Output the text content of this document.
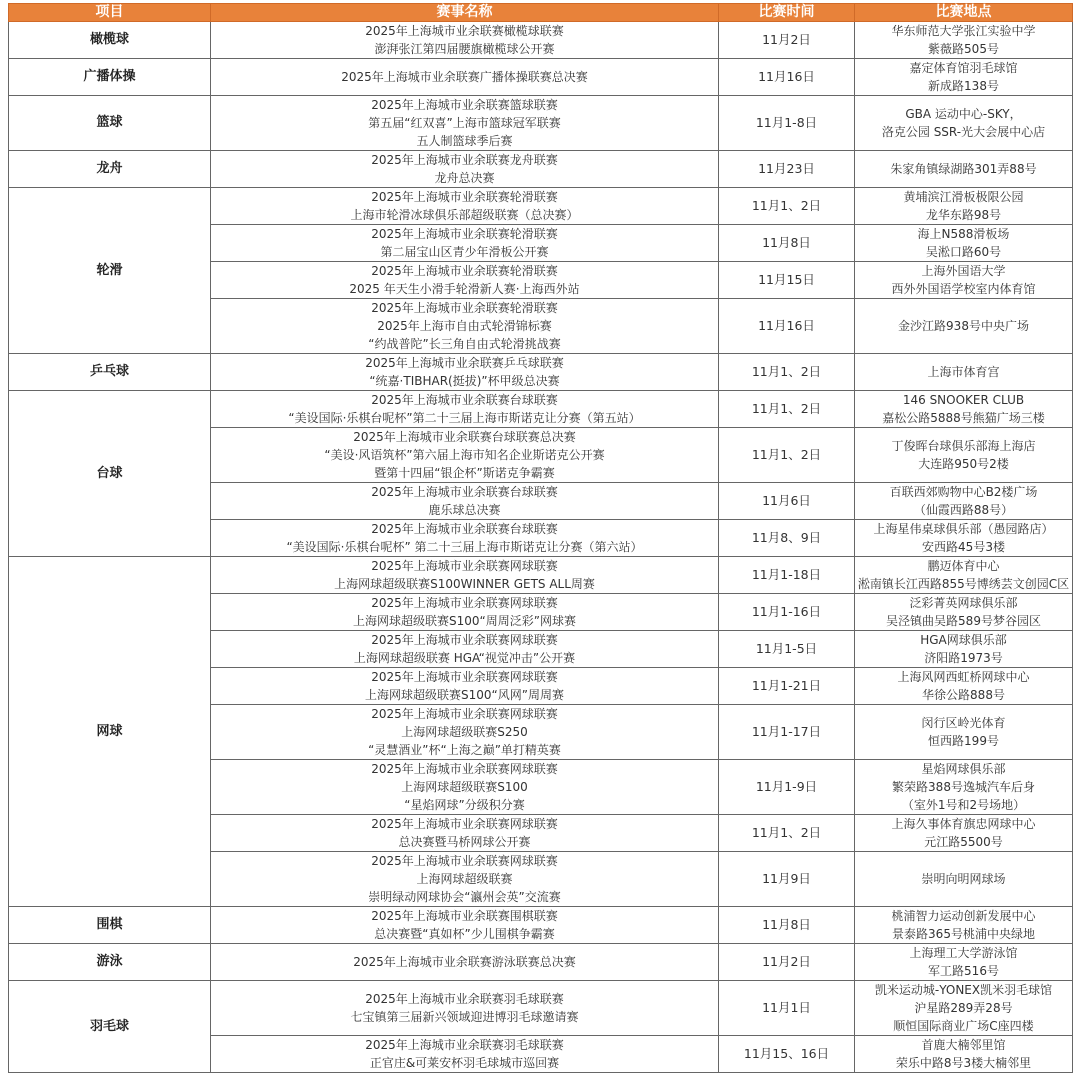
项目	赛事名称	比赛时间	比赛地点
橄榄球	2025年上海城市业余联赛橄榄球联赛
澎湃张江第四届腰旗橄榄球公开赛	11月2日	华东师范大学张江实验中学
紫薇路505号

广播体操	2025年上海城市业余联赛广播体操联赛总决赛	11月16日	嘉定体育馆羽毛球馆
新成路138号

篮球	2025年上海城市业余联赛篮球联赛
第五届“红双喜”上海市篮球冠军联赛
五人制篮球季后赛	11月1-8日	GBA 运动中心-SKY，
洛克公园 SSR-光大会展中心店

龙舟	2025年上海城市业余联赛龙舟联赛
龙舟总决赛	11月23日	朱家角镇绿湖路301弄88号

轮滑	2025年上海城市业余联赛轮滑联赛
上海市轮滑冰球俱乐部超级联赛（总决赛）	11月1、2日	黄埔滨江滑板极限公园
龙华东路98号

	2025年上海城市业余联赛轮滑联赛
第二届宝山区青少年滑板公开赛	11月8日	海上N588滑板场
吴淞口路60号

	2025年上海城市业余联赛轮滑联赛
2025 年天生小滑手轮滑新人赛·上海西外站	11月15日	上海外国语大学
西外外国语学校室内体育馆

	2025年上海城市业余联赛轮滑联赛
2025年上海市自由式轮滑锦标赛
“约战普陀”长三角自由式轮滑挑战赛	11月16日	金沙江路938号中央广场

乒乓球	2025年上海城市业余联赛乒乓球联赛
“统嘉·TIBHAR(挺拔)”杯甲级总决赛	11月1、2日	上海市体育宫

台球	2025年上海城市业余联赛台球联赛
“美设国际·乐棋台呢杯”第二十三届上海市斯诺克让分赛（第五站）	11月1、2日	146 SNOOKER CLUB
嘉松公路5888号熊猫广场三楼

	2025年上海城市业余联赛台球联赛总决赛
“美设·风语筑杯”第六届上海市知名企业斯诺克公开赛
暨第十四届“银企杯”斯诺克争霸赛	11月1、2日	丁俊晖台球俱乐部海上海店
大连路950号2楼

	2025年上海城市业余联赛台球联赛
鹿乐球总决赛	11月6日	百联西郊购物中心B2楼广场
（仙霞西路88号）

	2025年上海城市业余联赛台球联赛
“美设国际·乐棋台呢杯” 第二十三届上海市斯诺克让分赛（第六站）	11月8、9日	上海星伟桌球俱乐部（愚园路店）
安西路45号3楼

网球	2025年上海城市业余联赛网球联赛
上海网球超级联赛S100WINNER GETS ALL周赛	11月1-18日	鹏迈体育中心
淞南镇长江西路855号博绣芸文创园C区

	2025年上海城市业余联赛网球联赛
上海网球超级联赛S100“周周泛彩”网球赛	11月1-16日	泛彩菁英网球俱乐部
吴泾镇曲吴路589号梦谷园区

	2025年上海城市业余联赛网球联赛
上海网球超级联赛 HGA“视觉冲击”公开赛	11月1-5日	HGA网球俱乐部
济阳路1973号

	2025年上海城市业余联赛网球联赛
上海网球超级联赛S100“风网”周周赛	11月1-21日	上海风网西虹桥网球中心
华徐公路888号

	2025年上海城市业余联赛网球联赛
上海网球超级联赛S250
“灵慧酒业”杯“上海之巅”单打精英赛	11月1-17日	闵行区岭光体育
恒西路199号

	2025年上海城市业余联赛网球联赛
上海网球超级联赛S100
“星焰网球”分级积分赛	11月1-9日	星焰网球俱乐部
繁荣路388号逸城汽车后身
（室外1号和2号场地）

	2025年上海城市业余联赛网球联赛
总决赛暨马桥网球公开赛	11月1、2日	上海久事体育旗忠网球中心
元江路5500号

	2025年上海城市业余联赛网球联赛
上海网球超级联赛
崇明绿动网球协会“瀛州会英”交流赛	11月9日	崇明向明网球场

围棋	2025年上海城市业余联赛围棋联赛
总决赛暨“真如杯”少儿围棋争霸赛	11月8日	桃浦智力运动创新发展中心
景泰路365号桃浦中央绿地

游泳	2025年上海城市业余联赛游泳联赛总决赛	11月2日	上海理工大学游泳馆
军工路516号

羽毛球	2025年上海城市业余联赛羽毛球联赛
七宝镇第三届新兴领域迎进博羽毛球邀请赛	11月1日	凯米运动城-YONEX凯米羽毛球馆
沪星路289弄28号
顺恒国际商业广场C座四楼

	2025年上海城市业余联赛羽毛球联赛
正官庄&可莱安杯羽毛球城市巡回赛	11月15、16日	首鹿大楠邻里馆
荣乐中路8号3楼大楠邻里
